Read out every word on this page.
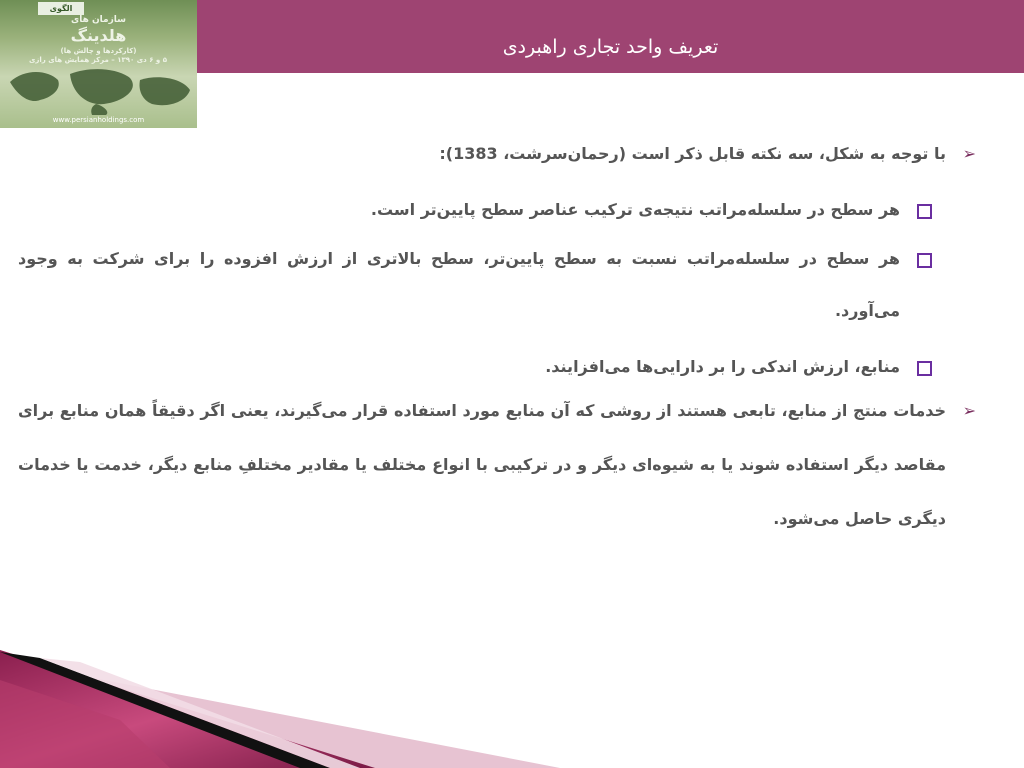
تعریف واحد تجاری راهبردی
الگوی
سازمان های
هلدینگ
(کارکردها و چالش ها)
۵ و ۶ دی ۱۳۹۰ – مرکز همایش های رازی
www.persianholdings.com
➢
با توجه به شکل، سه نکته قابل ذکر است (رحمان‌سرشت، 1383):
هر سطح در سلسله‌مراتب نتیجه‌ی ترکیب عناصر سطح پایین‌تر است.
هر سطح در سلسله‌مراتب نسبت به سطح پایین‌تر، سطح بالاتری از ارزش افزوده را برای شرکت به وجود می‌آورد.
منابع، ارزش اندکی را بر دارایی‌ها می‌افزایند.
➢
خدمات منتج از منابع، تابعی هستند از روشی که آن منابع مورد استفاده قرار می‌گیرند، یعنی اگر دقیقاً همان منابع برای مقاصد دیگر استفاده شوند یا به شیوه‌ای دیگر و در ترکیبی با انواع مختلف یا مقادیر مختلفِ منابع دیگر، خدمت یا خدمات دیگری حاصل می‌شود.
